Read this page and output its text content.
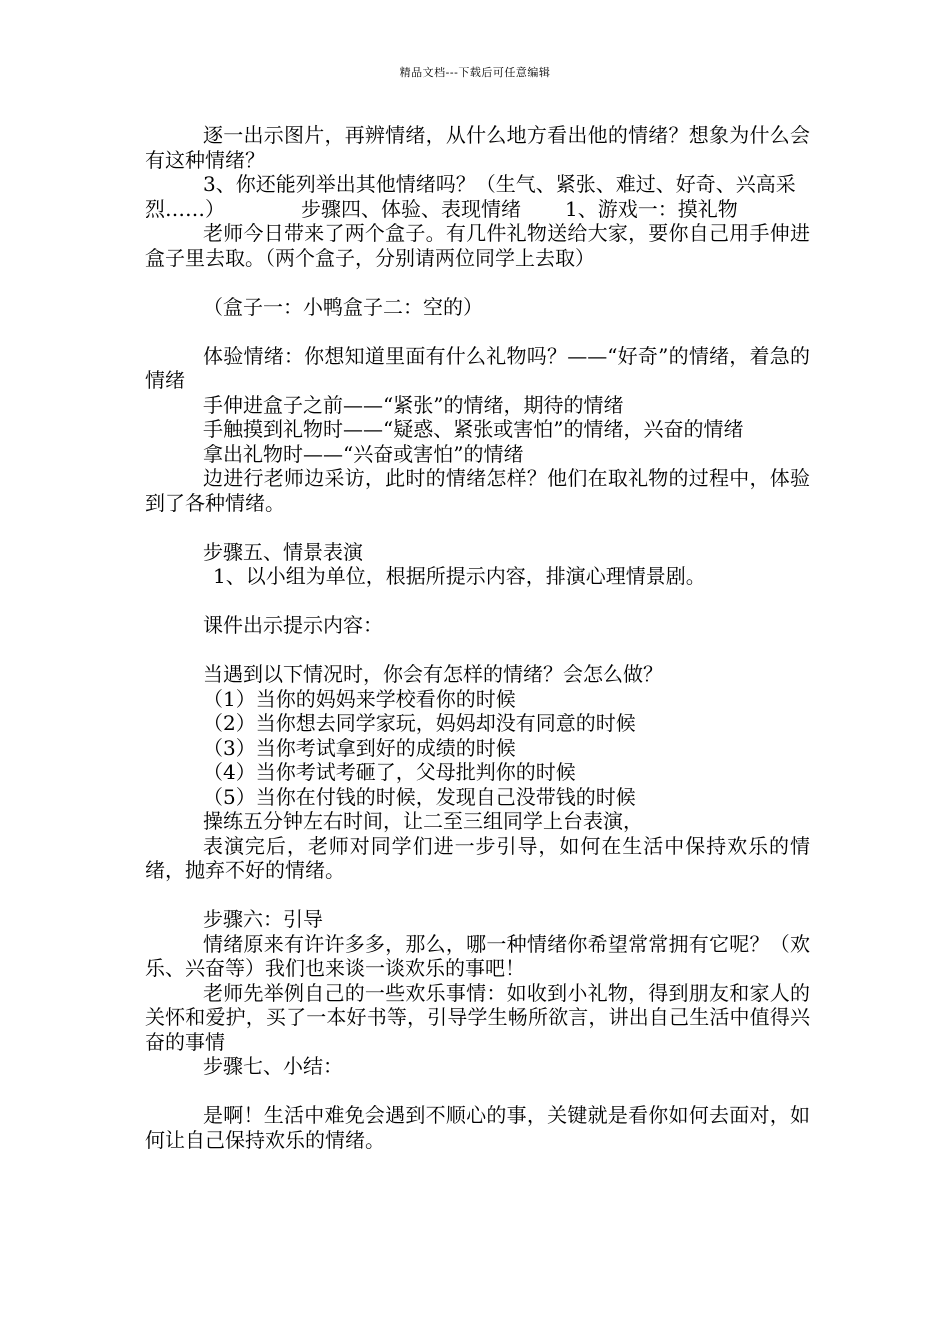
精品文档---下载后可任意编辑

逐一出示图片，再辨情绪，从什么地方看出他的情绪？想象为什么会有这种情绪？

3、你还能列举出其他情绪吗？（生气、紧张、难过、好奇、兴高采烈……）	步骤四、体验、表现情绪 1、游戏一：摸礼物

老师今日带来了两个盒子。有几件礼物送给大家，要你自己用手伸进盒子里去取。（两个盒子，分别请两位同学上去取）

（盒子一：小鸭盒子二：空的）

体验情绪：你想知道里面有什么礼物吗？——“好奇”的情绪，着急的情绪

手伸进盒子之前——“紧张”的情绪，期待的情绪

手触摸到礼物时——“疑惑、紧张或害怕”的情绪，兴奋的情绪

拿出礼物时——“兴奋或害怕”的情绪

边进行老师边采访，此时的情绪怎样？他们在取礼物的过程中，体验到了各种情绪。

步骤五、情景表演

1、以小组为单位，根据所提示内容，排演心理情景剧。

课件出示提示内容：

当遇到以下情况时，你会有怎样的情绪？会怎么做？

（1）当你的妈妈来学校看你的时候

（2）当你想去同学家玩，妈妈却没有同意的时候

（3）当你考试拿到好的成绩的时候

（4）当你考试考砸了，父母批判你的时候

（5）当你在付钱的时候，发现自己没带钱的时候

操练五分钟左右时间，让二至三组同学上台表演，

表演完后，老师对同学们进一步引导，如何在生活中保持欢乐的情绪，抛弃不好的情绪。

步骤六：引导

情绪原来有许许多多，那么，哪一种情绪你希望常常拥有它呢？（欢乐、兴奋等）我们也来谈一谈欢乐的事吧！

老师先举例自己的一些欢乐事情：如收到小礼物，得到朋友和家人的关怀和爱护，买了一本好书等，引导学生畅所欲言，讲出自己生活中值得兴奋的事情

步骤七、小结：

是啊！生活中难免会遇到不顺心的事，关键就是看你如何去面对，如何让自己保持欢乐的情绪。
